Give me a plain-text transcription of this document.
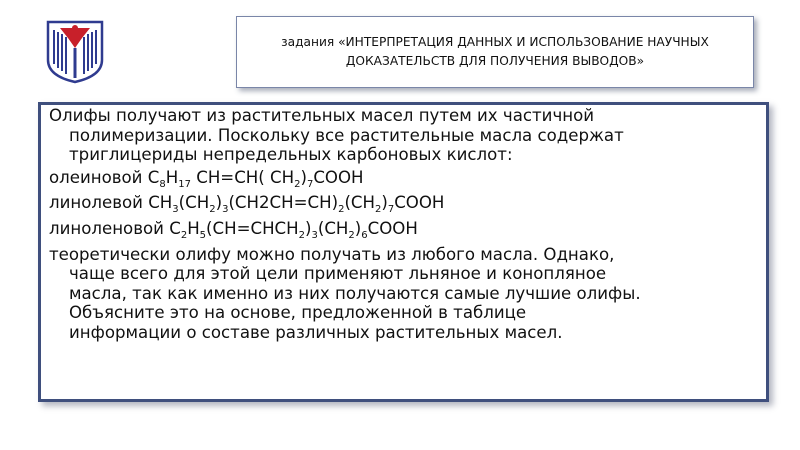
задания «ИНТЕРПРЕТАЦИЯ ДАННЫХ И ИСПОЛЬЗОВАНИЕ НАУЧНЫХ
ДОКАЗАТЕЛЬСТВ ДЛЯ ПОЛУЧЕНИЯ ВЫВОДОВ»
Олифы получают из растительных масел путем их частичной
полимеризации. Поскольку все растительные масла содержат
триглицериды непредельных карбоновых кислот:
олеиновой $C_8H_{17}$ CH=CH( $CH_2)_7COOH$
линолевой $CH_3(CH_2)_3(CH2CH=CH)_2(CH_2)_7COOH$
линоленовой $C_2H_5(CH=CHCH_2)_3(CH_2)_6COOH$
теоретически олифу можно получать из любого масла. Однако,
чаще всего для этой цели применяют льняное и конопляное
масла, так как именно из них получаются самые лучшие олифы.
Объясните это на основе, предложенной в таблице
информации о составе различных растительных масел.
